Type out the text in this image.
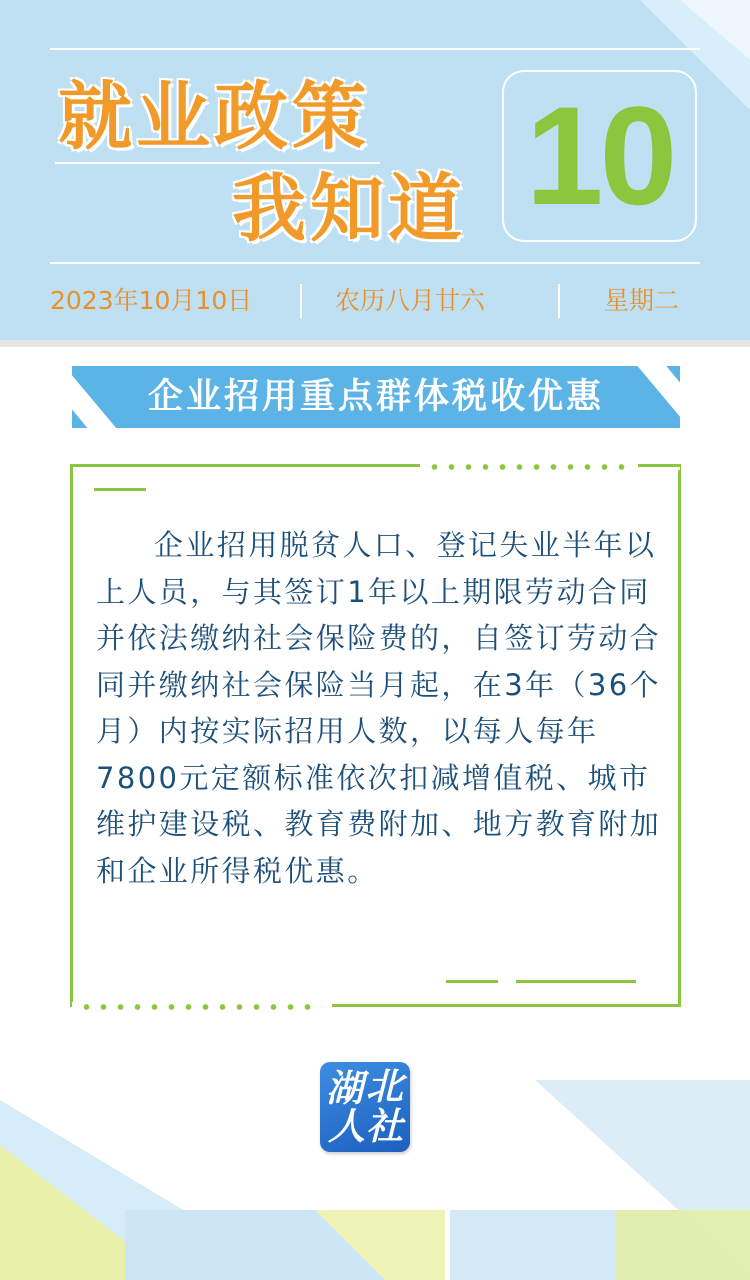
就业政策
我知道 10
2023年10月10日	农历八月廿六	星期二
企业招用重点群体税收优惠

企业招用脱贫人口、登记失业半年以上人员，与其签订1年以上期限劳动合同并依法缴纳社会保险费的，自签订劳动合同并缴纳社会保险当月起，在3年（36个月）内按实际招用人数，以每人每年7800元定额标准依次扣减增值税、城市维护建设税、教育费附加、地方教育附加和企业所得税优惠。

湖 北
人 社
